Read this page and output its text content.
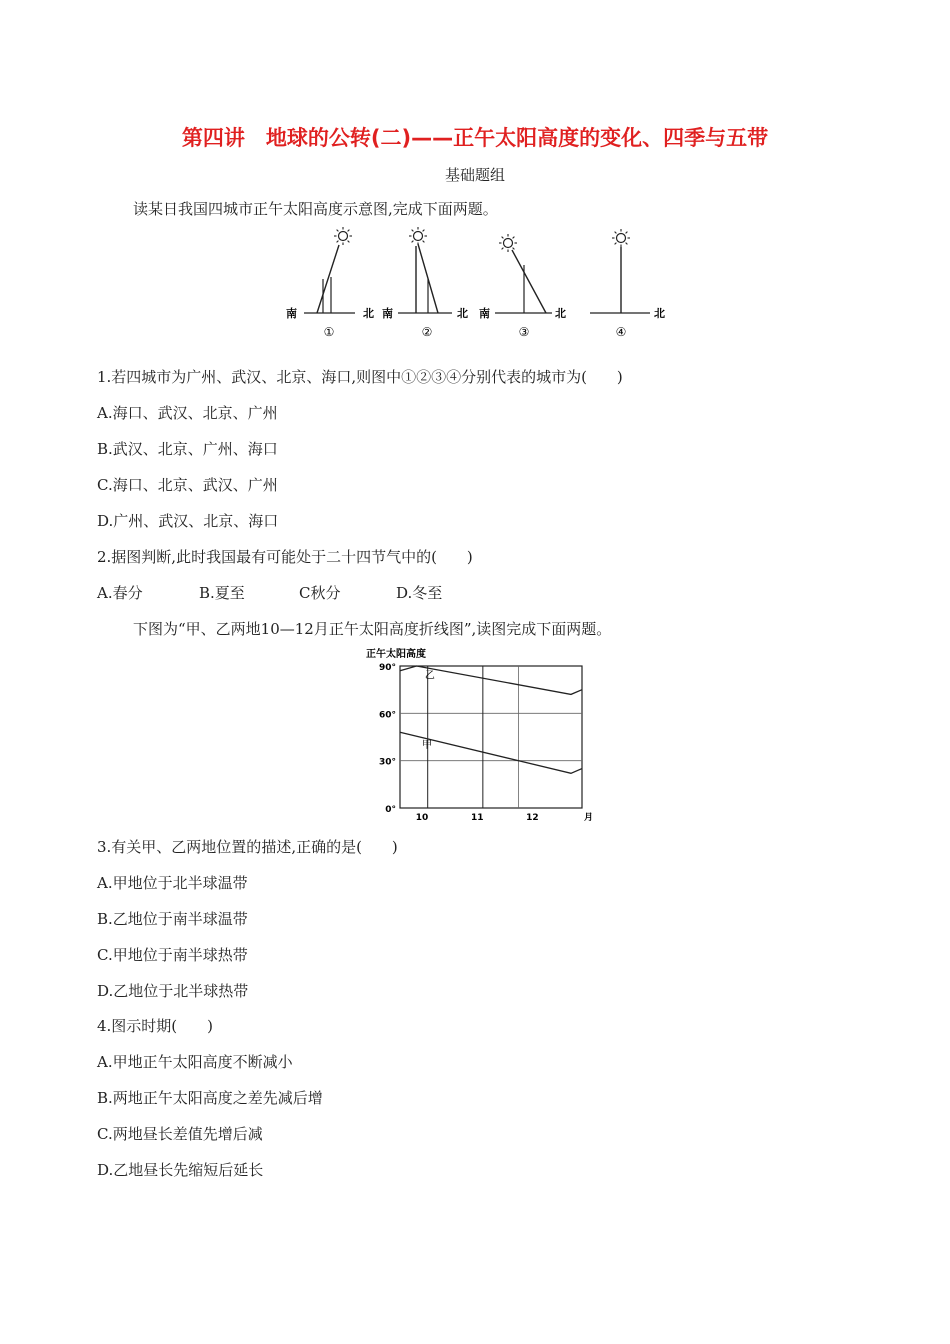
第四讲　地球的公转(二)——正午太阳高度的变化、四季与五带
基础题组
读某日我国四城市正午太阳高度示意图,完成下面两题。
南	北
①
南	北
②
南	北
③
北
④
1.若四城市为广州、武汉、北京、海口,则图中①②③④分别代表的城市为(　　)
A.海口、武汉、北京、广州
B.武汉、北京、广州、海口
C.海口、北京、武汉、广州
D.广州、武汉、北京、海口
2.据图判断,此时我国最有可能处于二十四节气中的(　　)
A.春分	B.夏至	C秋分	D.冬至
下图为“甲、乙两地10—12月正午太阳高度折线图”,读图完成下面两题。
正午太阳高度
0°
30°
60°
90°
10	11	12	月
乙
甲
3.有关甲、乙两地位置的描述,正确的是(　　)
A.甲地位于北半球温带
B.乙地位于南半球温带
C.甲地位于南半球热带
D.乙地位于北半球热带
4.图示时期(　　)
A.甲地正午太阳高度不断减小
B.两地正午太阳高度之差先减后增
C.两地昼长差值先增后减
D.乙地昼长先缩短后延长
